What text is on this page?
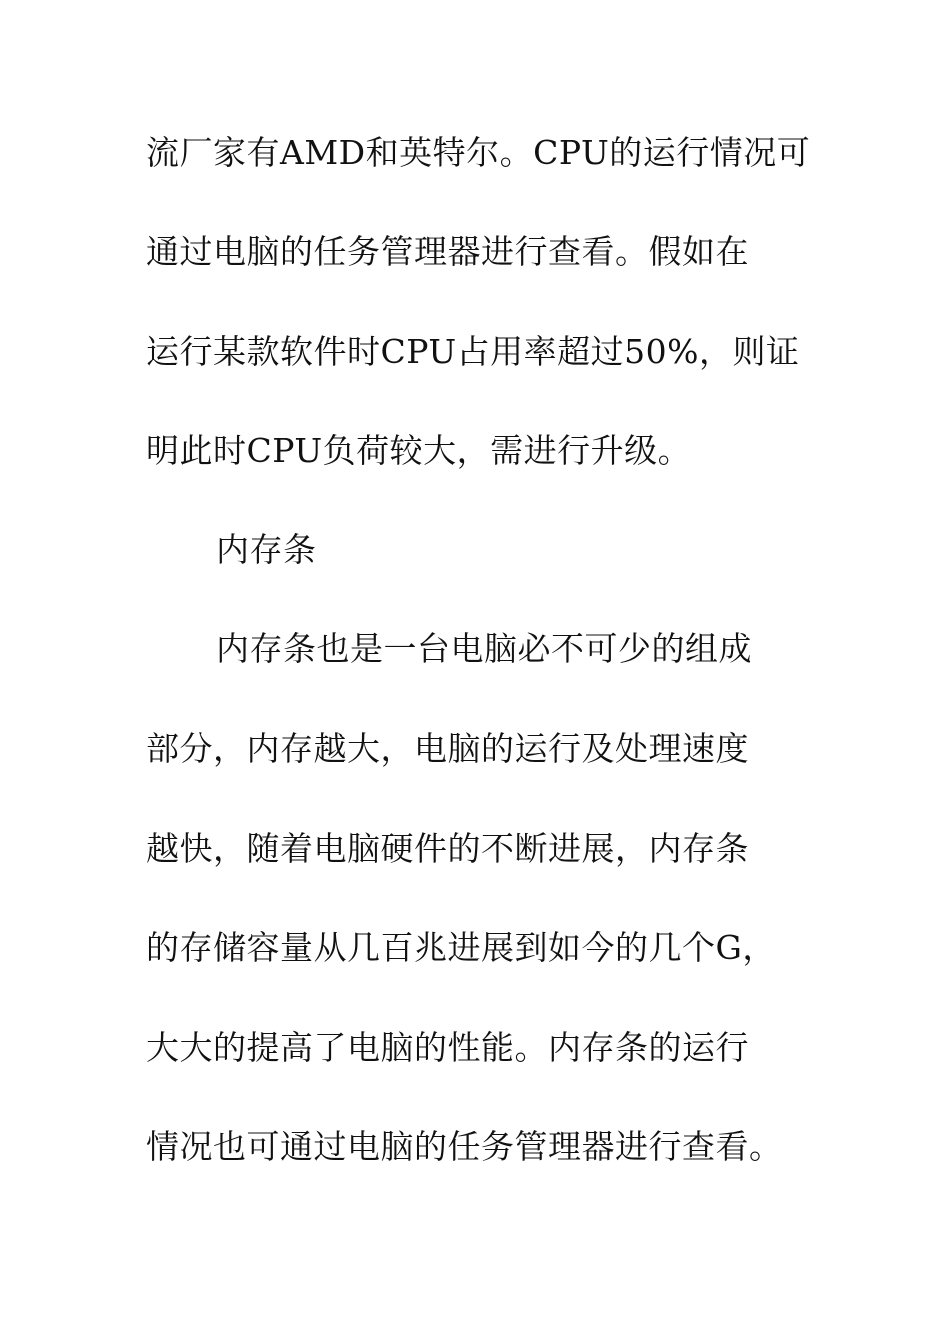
流厂家有AMD和英特尔。CPU的运行情况可
通过电脑的任务管理器进行查看。假如在
运行某款软件时CPU占用率超过50%，则证
明此时CPU负荷较大，需进行升级。
内存条
内存条也是一台电脑必不可少的组成
部分，内存越大，电脑的运行及处理速度
越快，随着电脑硬件的不断进展，内存条
的存储容量从几百兆进展到如今的几个G，
大大的提高了电脑的性能。内存条的运行
情况也可通过电脑的任务管理器进行查看。
